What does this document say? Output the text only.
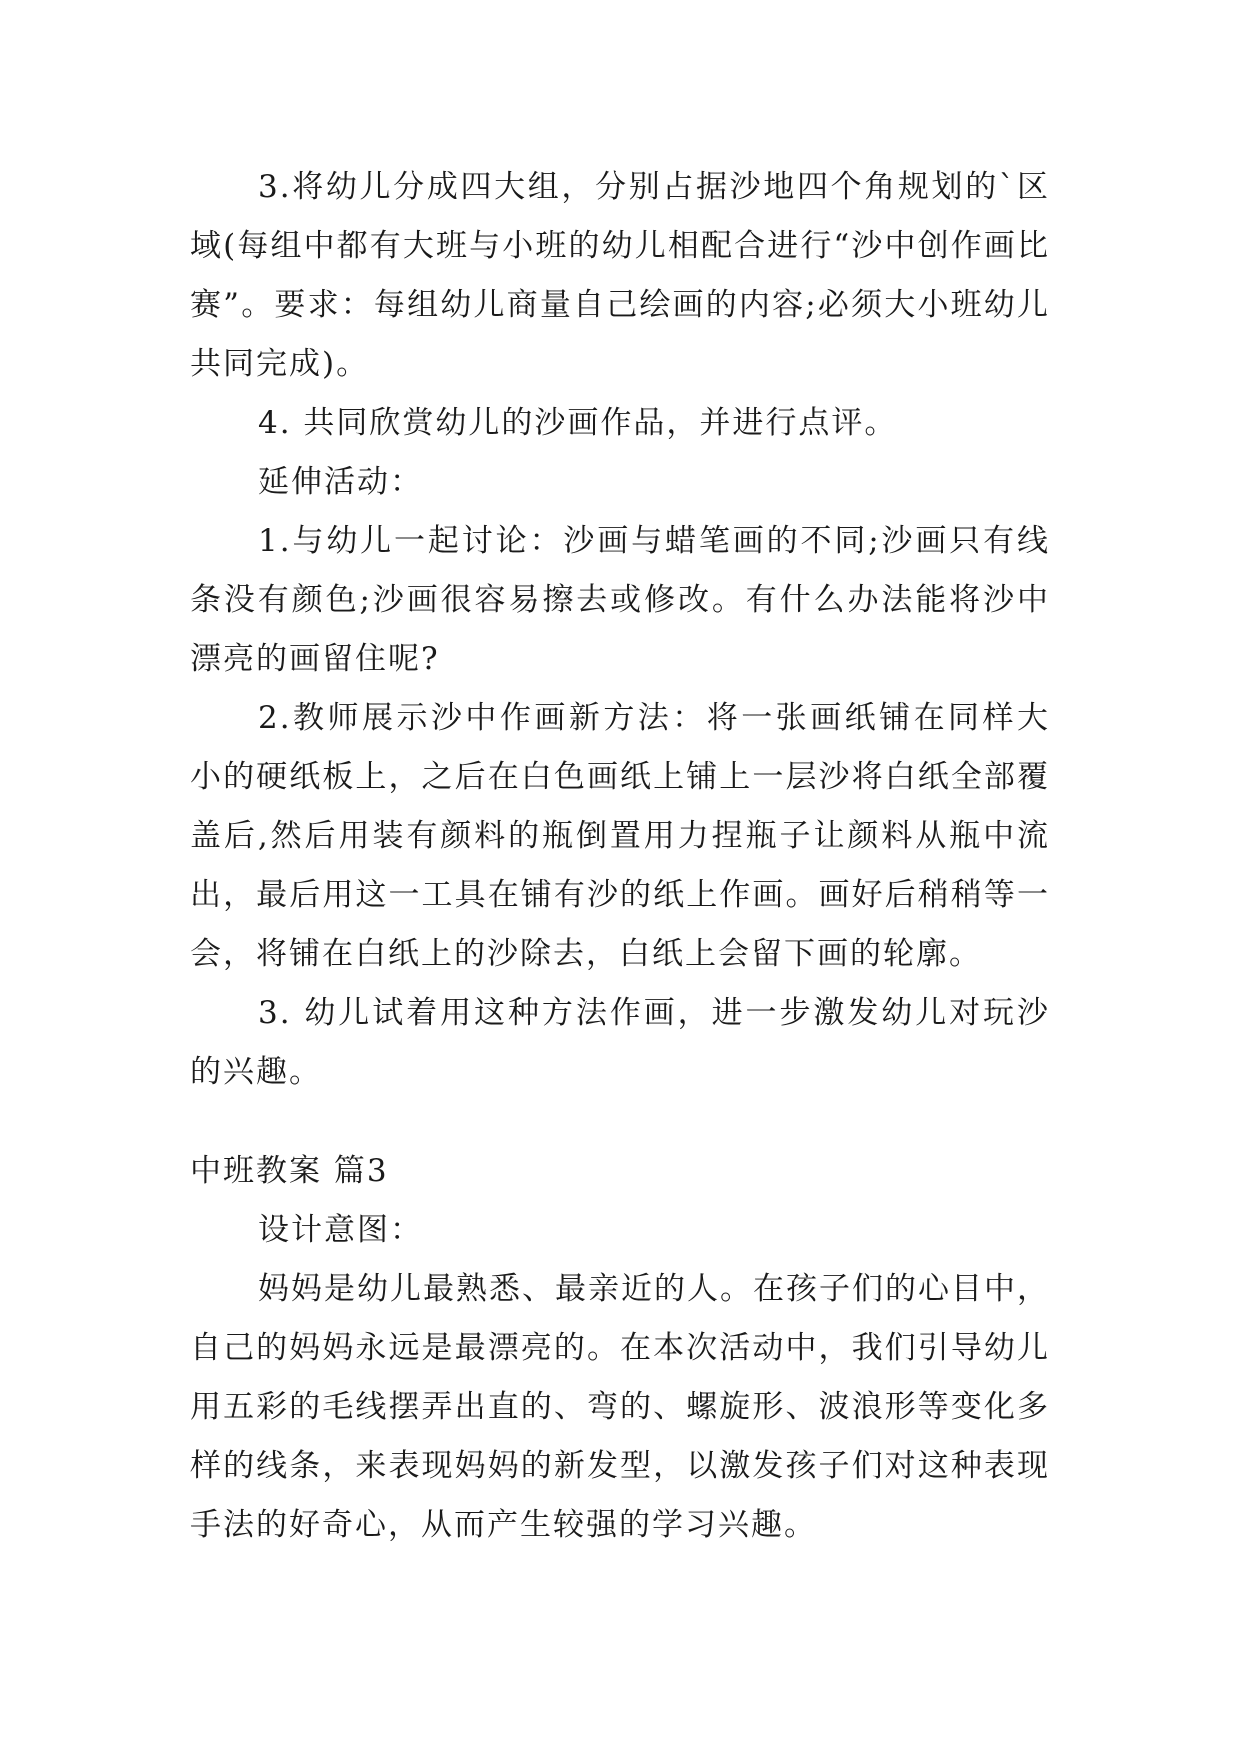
3.将幼儿分成四大组，分别占据沙地四个角规划的`区域(每组中都有大班与小班的幼儿相配合进行“沙中创作画比赛”。要求：每组幼儿商量自己绘画的内容;必须大小班幼儿共同完成)。

4. 共同欣赏幼儿的沙画作品，并进行点评。

延伸活动：

1.与幼儿一起讨论：沙画与蜡笔画的不同;沙画只有线条没有颜色;沙画很容易擦去或修改。有什么办法能将沙中漂亮的画留住呢?

2.教师展示沙中作画新方法：将一张画纸铺在同样大小的硬纸板上，之后在白色画纸上铺上一层沙将白纸全部覆盖后,然后用装有颜料的瓶倒置用力捏瓶子让颜料从瓶中流出，最后用这一工具在铺有沙的纸上作画。画好后稍稍等一会，将铺在白纸上的沙除去，白纸上会留下画的轮廓。

3. 幼儿试着用这种方法作画，进一步激发幼儿对玩沙的兴趣。

中班教案 篇3

设计意图：

妈妈是幼儿最熟悉、最亲近的人。在孩子们的心目中，自己的妈妈永远是最漂亮的。在本次活动中，我们引导幼儿用五彩的毛线摆弄出直的、弯的、螺旋形、波浪形等变化多样的线条，来表现妈妈的新发型，以激发孩子们对这种表现手法的好奇心，从而产生较强的学习兴趣。
